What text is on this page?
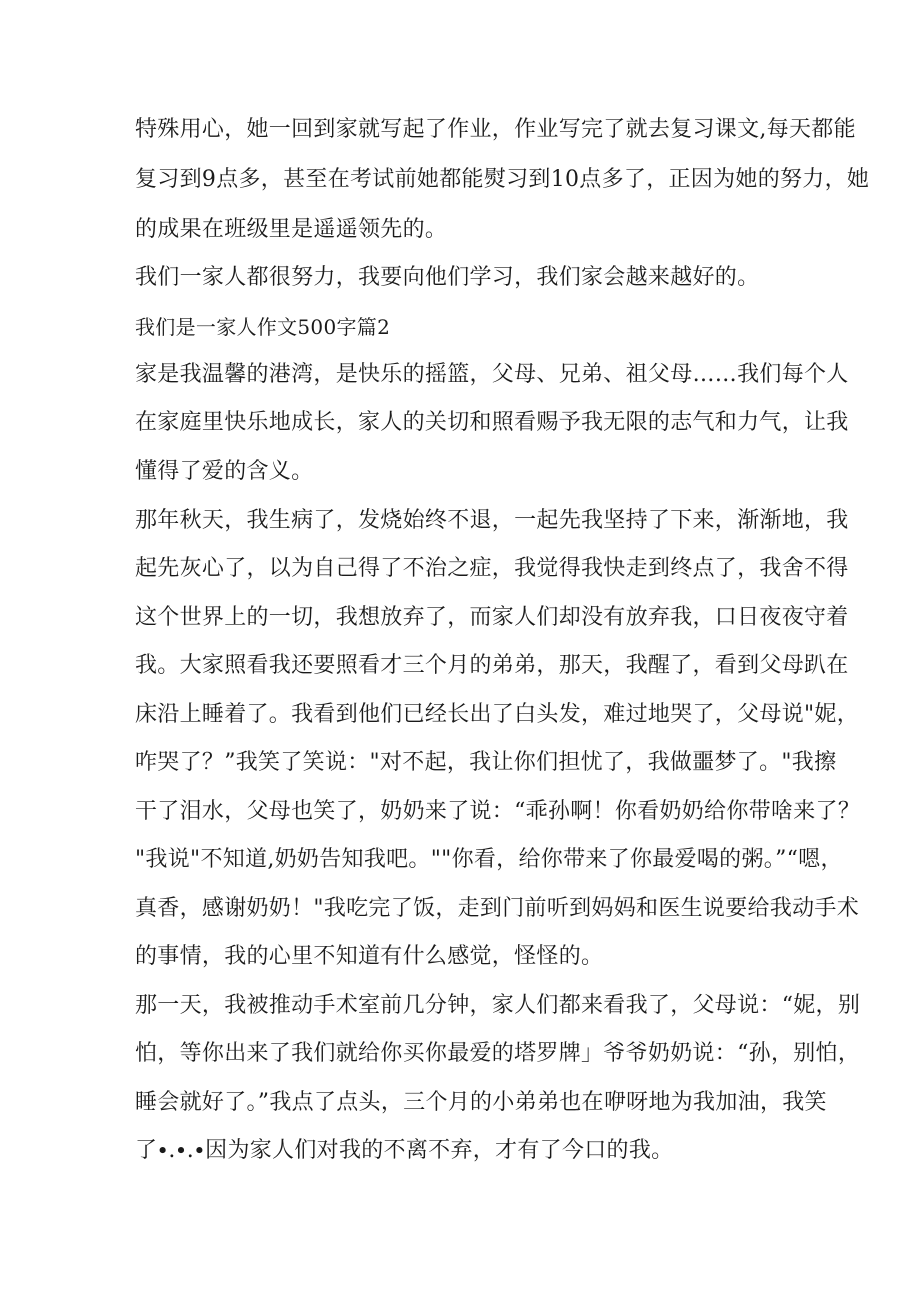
特殊用心，她一回到家就写起了作业，作业写完了就去复习课文,每天都能
复习到9点多，甚至在考试前她都能熨习到10点多了，正因为她的努力，她
的成果在班级里是遥遥领先的。
我们一家人都很努力，我要向他们学习，我们家会越来越好的。
我们是一家人作文500字篇2
家是我温馨的港湾，是快乐的摇篮，父母、兄弟、祖父母……我们每个人
在家庭里快乐地成长，家人的关切和照看赐予我无限的志气和力气，让我
懂得了爱的含义。
那年秋天，我生病了，发烧始终不退，一起先我坚持了下来，渐渐地，我
起先灰心了，以为自己得了不治之症，我觉得我快走到终点了，我舍不得
这个世界上的一切，我想放弃了，而家人们却没有放弃我，口日夜夜守着
我。大家照看我还要照看才三个月的弟弟，那天，我醒了，看到父母趴在
床沿上睡着了。我看到他们已经长出了白头发，难过地哭了，父母说"妮，
咋哭了？”我笑了笑说："对不起，我让你们担忧了，我做噩梦了。"我擦
干了泪水，父母也笑了，奶奶来了说：“乖孙啊！你看奶奶给你带啥来了？
"我说"不知道,奶奶告知我吧。""你看，给你带来了你最爱喝的粥。”“嗯，
真香，感谢奶奶！"我吃完了饭，走到门前听到妈妈和医生说要给我动手术
的事情，我的心里不知道有什么感觉，怪怪的。
那一天，我被推动手术室前几分钟，家人们都来看我了，父母说：“妮，别
怕，等你出来了我们就给你买你最爱的塔罗牌」爷爷奶奶说：“孙，别怕，
睡会就好了。”我点了点头，三个月的小弟弟也在咿呀地为我加油，我笑
了∙.∙.∙因为家人们对我的不离不弃，才有了今口的我。
